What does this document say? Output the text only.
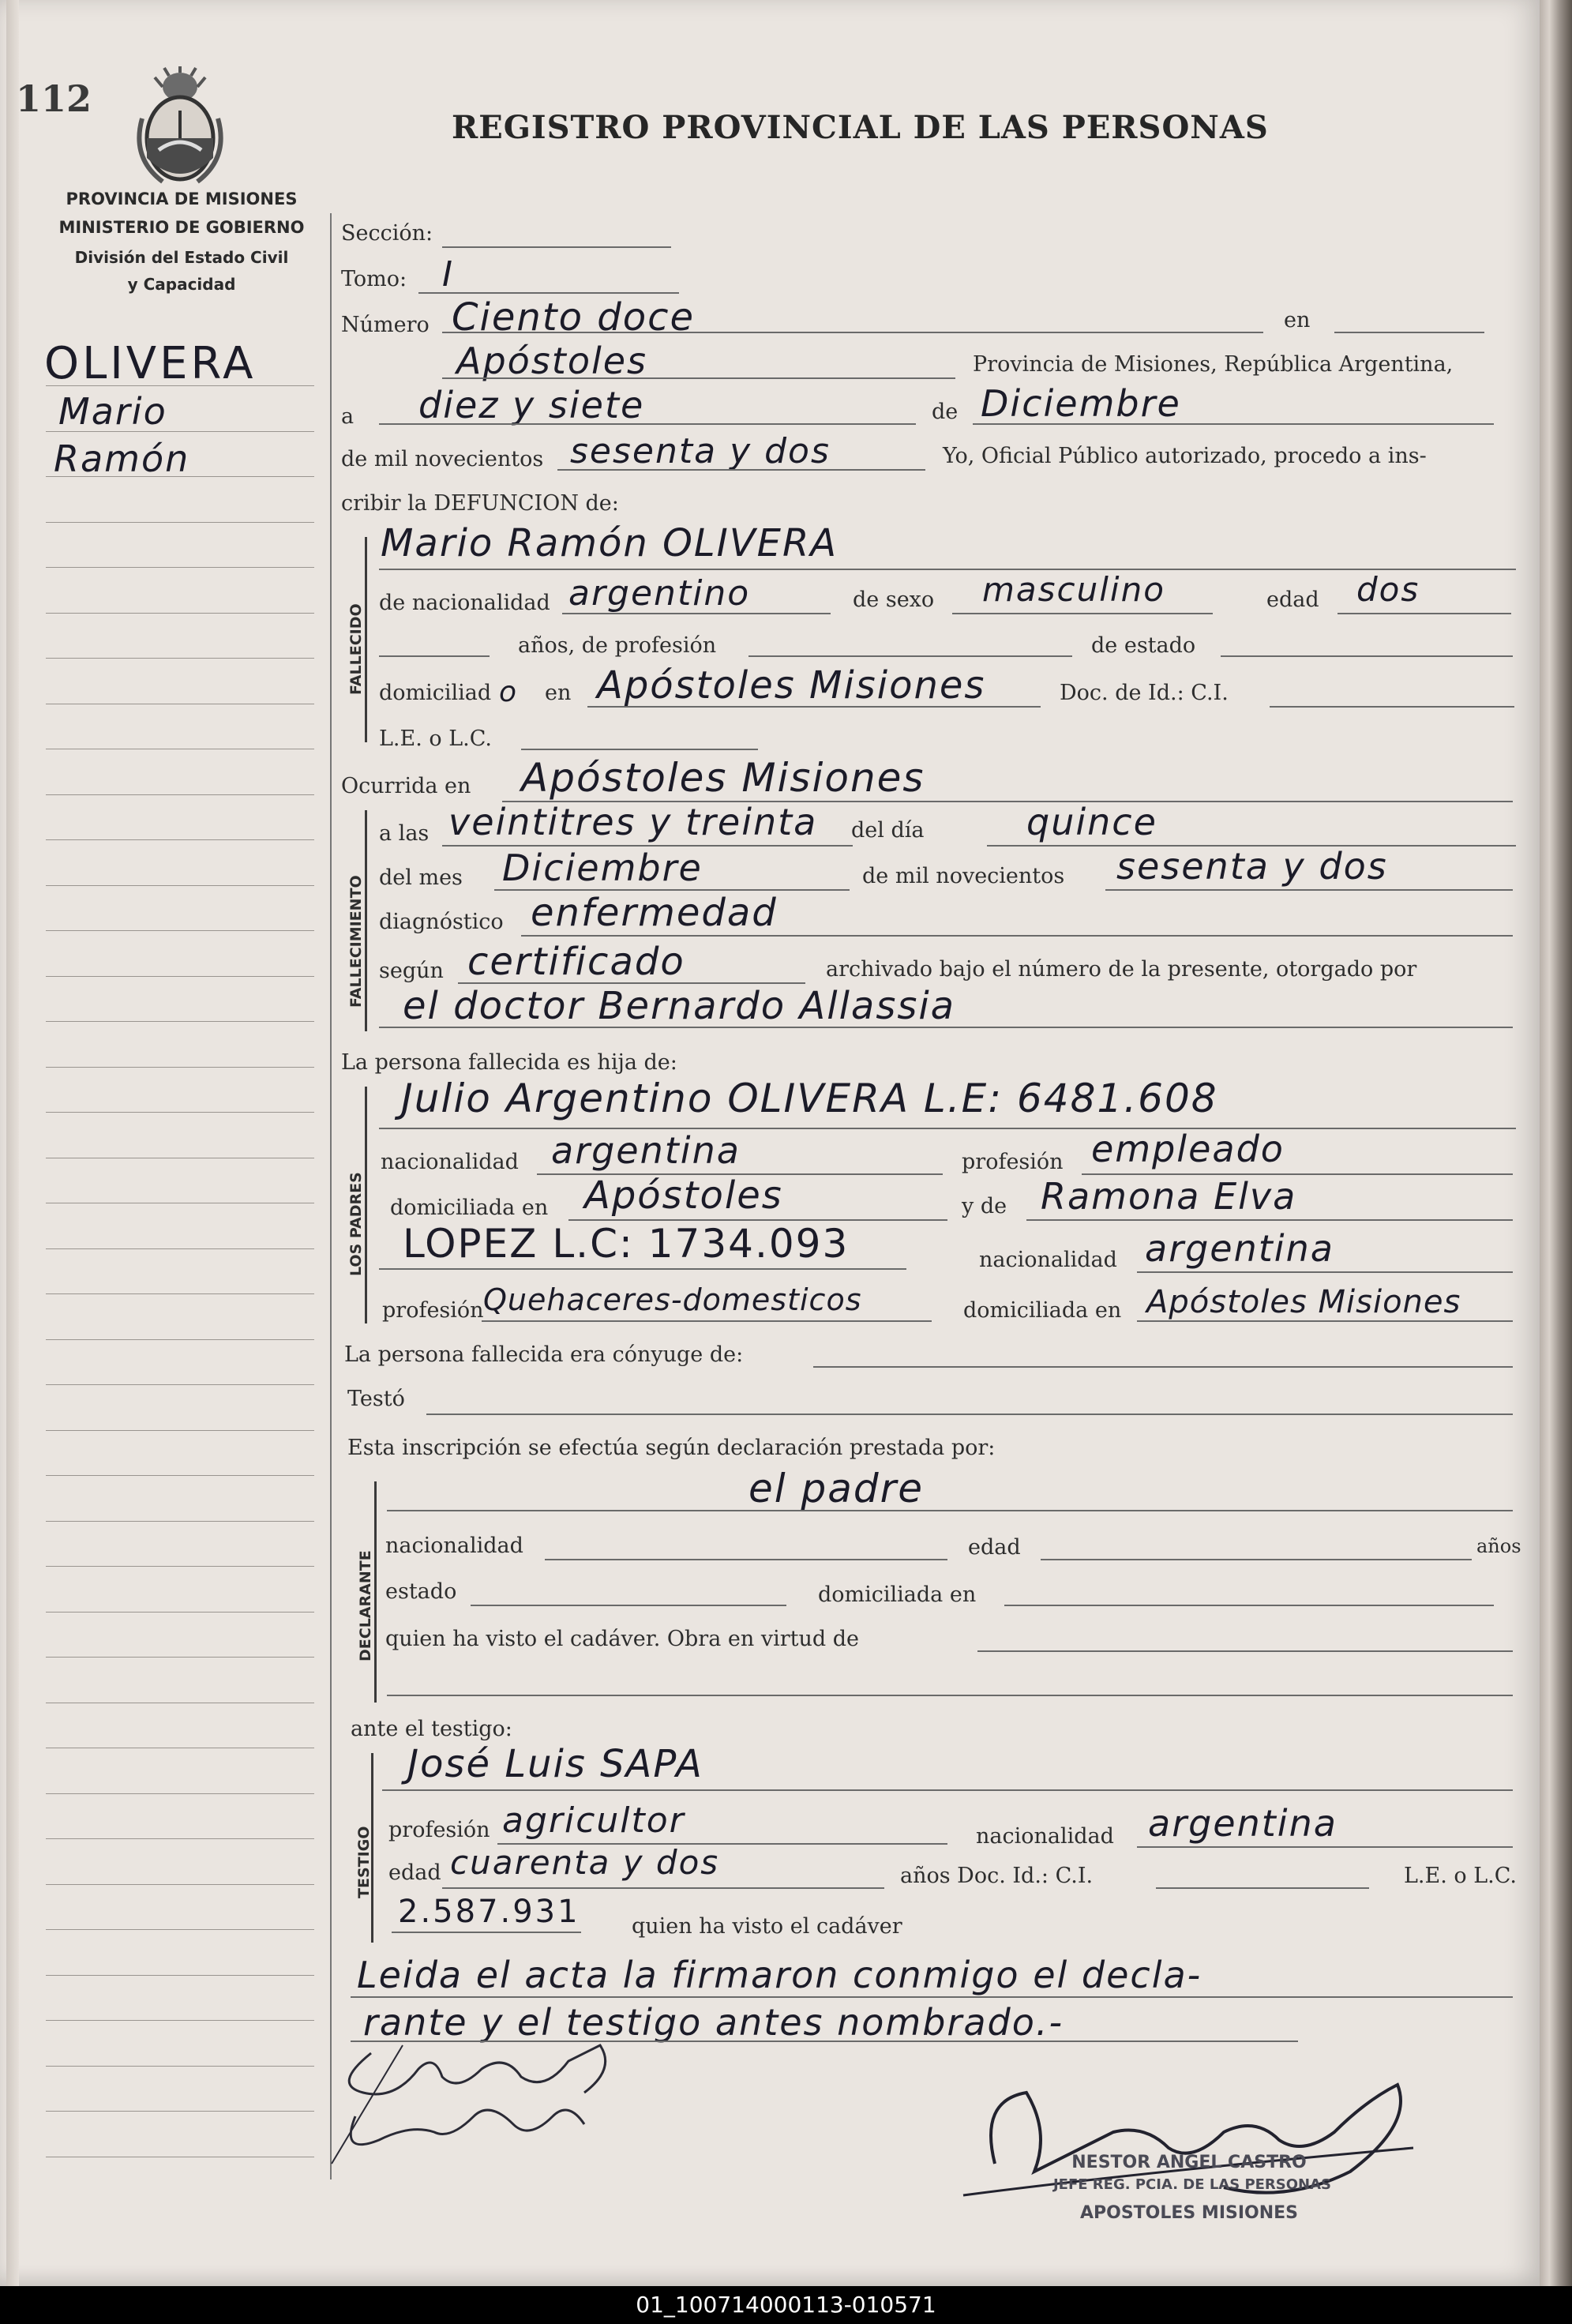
112
PROVINCIA DE MISIONES
MINISTERIO DE GOBIERNO
División del Estado Civil
y Capacidad
REGISTRO PROVINCIAL DE LAS PERSONAS
OLIVERA
Mario
Ramón
Sección:
Tomo: I
Número Ciento doce	en
Apóstoles	Provincia de Misiones, República Argentina,
a diez y siete	de Diciembre
de mil novecientos sesenta y dos	Yo, Oficial Público autorizado, procedo a ins-
cribir la DEFUNCION de:
FALLECIDO
Mario Ramón OLIVERA
de nacionalidad argentino	de sexo masculino	edad dos
años, de profesión	de estado
domiciliad o en Apóstoles Misiones	Doc. de Id.: C.I.
L.E. o L.C.
Ocurrida en Apóstoles Misiones
FALLECIMIENTO
a las veintitres y treinta del día	quince
del mes Diciembre	de mil novecientos sesenta y dos
diagnóstico enfermedad
según certificado	archivado bajo el número de la presente, otorgado por
el doctor Bernardo Allassia
La persona fallecida es hija de:
LOS PADRES
Julio Argentino OLIVERA L.E: 6481.608
nacionalidad argentina	profesión empleado
domiciliada en Apóstoles	y de Ramona Elva
LOPEZ L.C: 1734.093	nacionalidad argentina
profesión Quehaceres-domesticos	domiciliada en Apóstoles Misiones
La persona fallecida era cónyuge de:
Testó
Esta inscripción se efectúa según declaración prestada por:
DECLARANTE
el padre
nacionalidad	edad	años
estado	domiciliada en
quien ha visto el cadáver. Obra en virtud de
ante el testigo:
TESTIGO
José Luis SAPA
profesión agricultor	nacionalidad argentina
edad cuarenta y dos	años Doc. Id.: C.I.	L.E. o L.C.
2.587.931 quien ha visto el cadáver
Leida el acta la firmaron conmigo el decla-
rante y el testigo antes nombrado.-
NESTOR ANGEL CASTRO
JEFE REG. PCIA. DE LAS PERSONAS
APOSTOLES MISIONES
01_100714000113-010571
